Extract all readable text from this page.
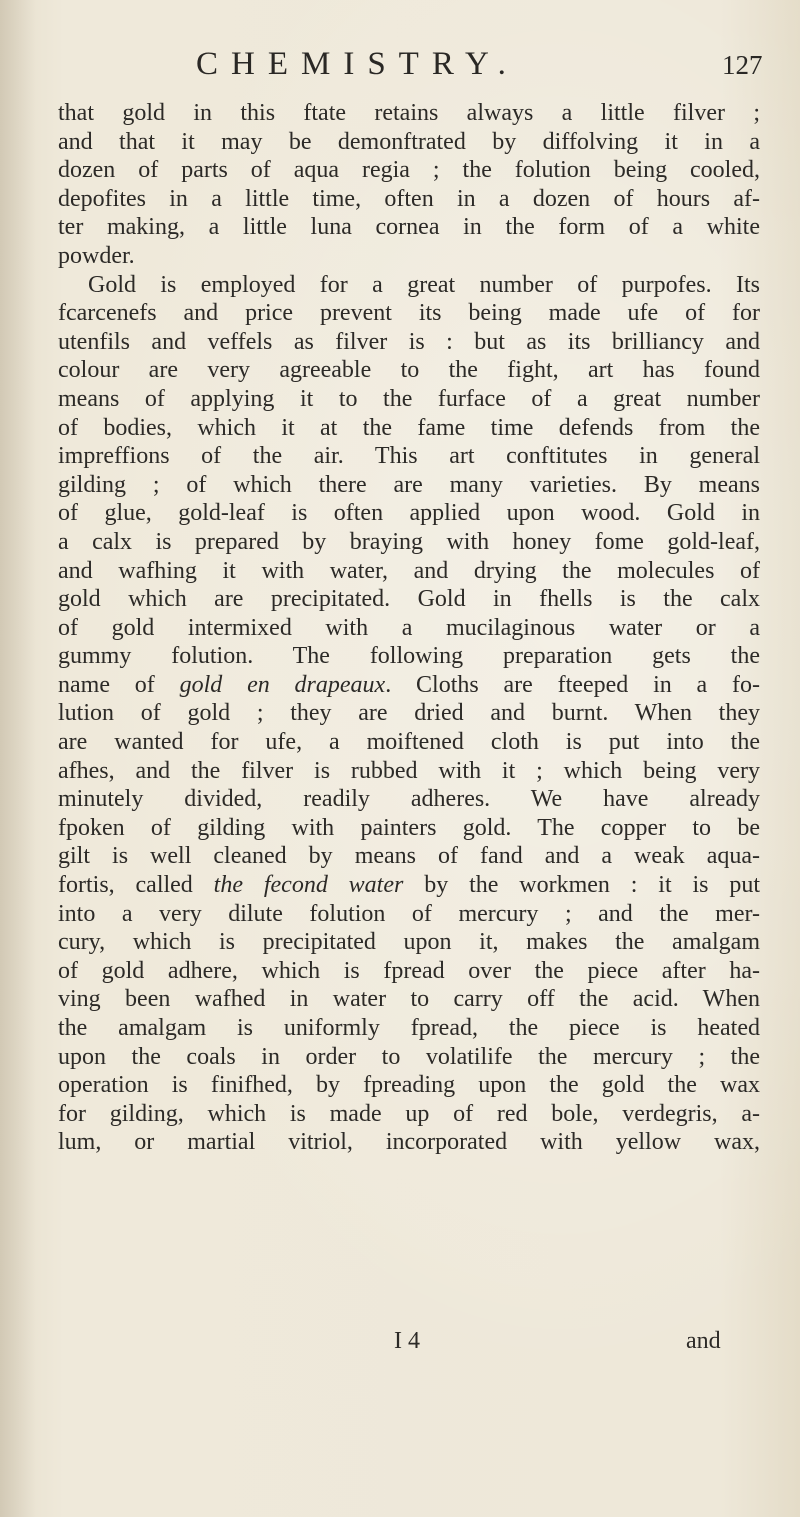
CHEMISTRY.	127
that gold in this ftate retains always a little filver ;
and that it may be demonftrated by diffolving it in a
dozen of parts of aqua regia ; the folution being cooled,
depofites in a little time, often in a dozen of hours af-
ter making, a little luna cornea in the form of a white
powder.
Gold is employed for a great number of purpofes. Its
fcarcenefs and price prevent its being made ufe of for
utenfils and veffels as filver is : but as its brilliancy and
colour are very agreeable to the fight, art has found
means of applying it to the furface of a great number
of bodies, which it at the fame time defends from the
impreffions of the air. This art conftitutes in general
gilding ; of which there are many varieties. By means
of glue, gold-leaf is often applied upon wood. Gold in
a calx is prepared by braying with honey fome gold-leaf,
and wafhing it with water, and drying the molecules of
gold which are precipitated. Gold in fhells is the calx
of gold intermixed with a mucilaginous water or a
gummy folution. The following preparation gets the
name of gold en drapeaux. Cloths are fteeped in a fo-
lution of gold ; they are dried and burnt. When they
are wanted for ufe, a moiftened cloth is put into the
afhes, and the filver is rubbed with it ; which being very
minutely divided, readily adheres. We have already
fpoken of gilding with painters gold. The copper to be
gilt is well cleaned by means of fand and a weak aqua-
fortis, called the fecond water by the workmen : it is put
into a very dilute folution of mercury ; and the mer-
cury, which is precipitated upon it, makes the amalgam
of gold adhere, which is fpread over the piece after ha-
ving been wafhed in water to carry off the acid. When
the amalgam is uniformly fpread, the piece is heated
upon the coals in order to volatilife the mercury ; the
operation is finifhed, by fpreading upon the gold the wax
for gilding, which is made up of red bole, verdegris, a-
lum, or martial vitriol, incorporated with yellow wax,
I 4	and
